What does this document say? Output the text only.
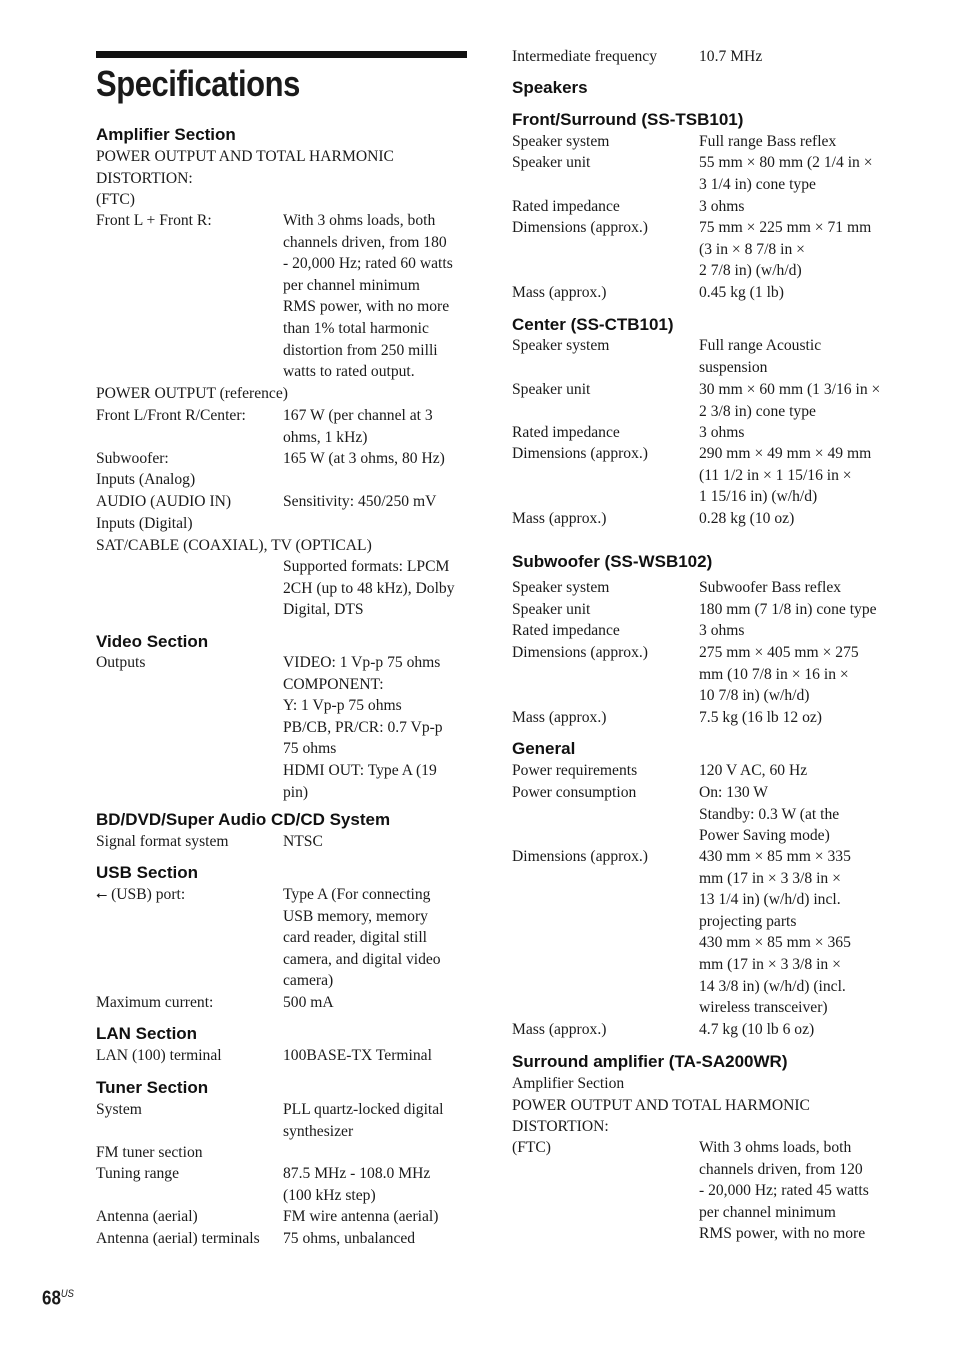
Specifications
Amplifier Section
POWER OUTPUT AND TOTAL HARMONIC
DISTORTION:
(FTC)
Front L + Front R:	With 3 ohms loads, both
channels driven, from 180
- 20,000 Hz; rated 60 watts
per channel minimum
RMS power, with no more
than 1% total harmonic
distortion from 250 milli
watts to rated output.
POWER OUTPUT (reference)
Front L/Front R/Center:	167 W (per channel at 3
ohms, 1 kHz)
Subwoofer:	165 W (at 3 ohms, 80 Hz)
Inputs (Analog)
AUDIO (AUDIO IN)	Sensitivity: 450/250 mV
Inputs (Digital)
SAT/CABLE (COAXIAL), TV (OPTICAL)
Supported formats: LPCM
2CH (up to 48 kHz), Dolby
Digital, DTS
Video Section
Outputs	VIDEO: 1 Vp-p 75 ohms
COMPONENT:
Y: 1 Vp-p 75 ohms
PB/CB, PR/CR: 0.7 Vp-p
75 ohms
HDMI OUT: Type A (19
pin)
BD/DVD/Super Audio CD/CD System
Signal format system	NTSC
USB Section
⭠ (USB) port:	Type A (For connecting
USB memory, memory
card reader, digital still
camera, and digital video
camera)
Maximum current:	500 mA
LAN Section
LAN (100) terminal	100BASE-TX Terminal
Tuner Section
System	PLL quartz-locked digital
synthesizer
FM tuner section
Tuning range	87.5 MHz - 108.0 MHz
(100 kHz step)
Antenna (aerial)	FM wire antenna (aerial)
Antenna (aerial) terminals	75 ohms, unbalanced
Intermediate frequency	10.7 MHz
Speakers
Front/Surround (SS-TSB101)
Speaker system	Full range Bass reflex
Speaker unit	55 mm × 80 mm (2 1/4 in ×
3 1/4 in) cone type
Rated impedance	3 ohms
Dimensions (approx.)	75 mm × 225 mm × 71 mm
(3 in × 8 7/8 in ×
2 7/8 in) (w/h/d)
Mass (approx.)	0.45 kg (1 lb)
Center (SS-CTB101)
Speaker system	Full range Acoustic
suspension
Speaker unit	30 mm × 60 mm (1 3/16 in ×
2 3/8 in) cone type
Rated impedance	3 ohms
Dimensions (approx.)	290 mm × 49 mm × 49 mm
(11 1/2 in × 1 15/16 in ×
1 15/16 in) (w/h/d)
Mass (approx.)	0.28 kg (10 oz)
Subwoofer (SS-WSB102)
Speaker system	Subwoofer Bass reflex
Speaker unit	180 mm (7 1/8 in) cone type
Rated impedance	3 ohms
Dimensions (approx.)	275 mm × 405 mm × 275
mm (10 7/8 in × 16 in ×
10 7/8 in) (w/h/d)
Mass (approx.)	7.5 kg (16 lb 12 oz)
General
Power requirements	120 V AC, 60 Hz
Power consumption	On: 130 W
Standby: 0.3 W (at the
Power Saving mode)
Dimensions (approx.)	430 mm × 85 mm × 335
mm (17 in × 3 3/8 in ×
13 1/4 in) (w/h/d) incl.
projecting parts
430 mm × 85 mm × 365
mm (17 in × 3 3/8 in ×
14 3/8 in) (w/h/d) (incl.
wireless transceiver)
Mass (approx.)	4.7 kg (10 lb 6 oz)
Surround amplifier (TA-SA200WR)
Amplifier Section
POWER OUTPUT AND TOTAL HARMONIC
DISTORTION:
(FTC)	With 3 ohms loads, both
channels driven, from 120
- 20,000 Hz; rated 45 watts
per channel minimum
RMS power, with no more
$68^{US}$
